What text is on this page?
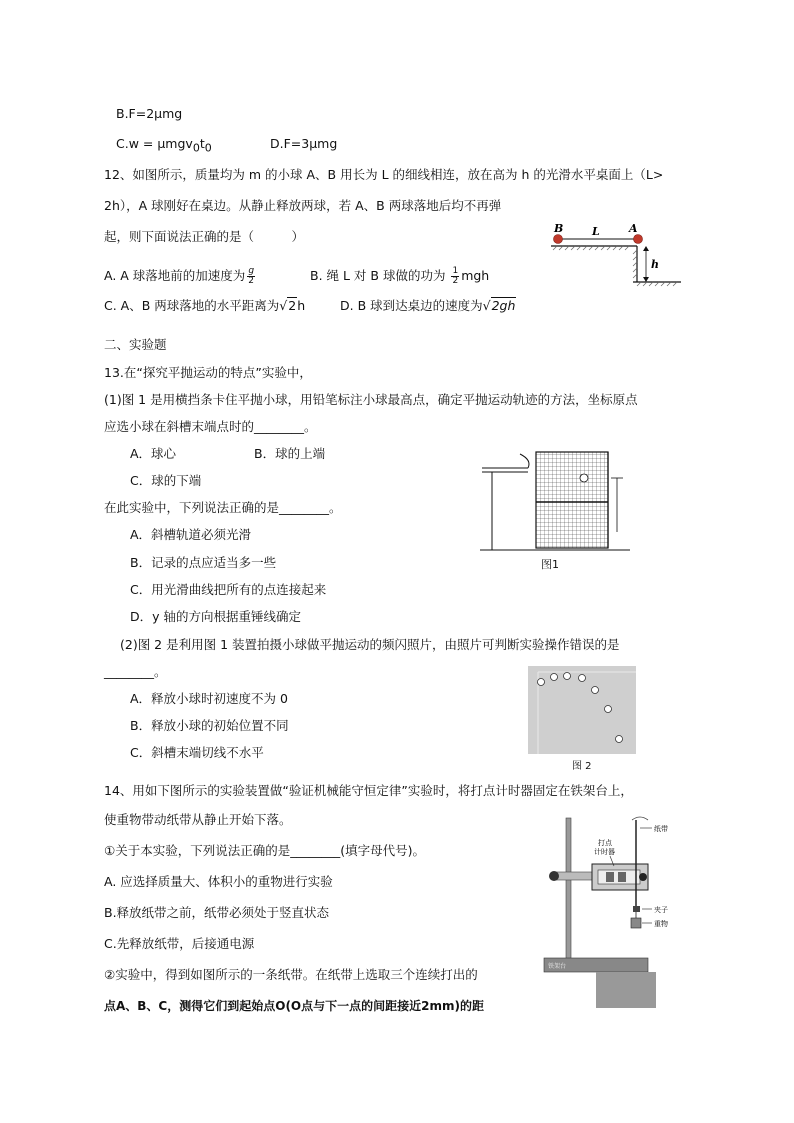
B.F=2μmg
$C.w = \mu mgv_0t_0$	D.F=3μmg
12、如图所示，质量均为 m 的小球 A、B 用长为 L 的细线相连，放在高为 h 的光滑水平桌面上（L>
2h），A 球刚好在桌边。从静止释放两球，若 A、B 两球落地后均不再弹
起，则下面说法正确的是（　　　）
B	L	A
h
A. A 球落地前的加速度为 $\frac{g}{2}$	B. 绳 L 对 B 球做的功为 $\frac{1}{2}$ mgh
C. A、B 两球落地的水平距离为√2h	D. B 球到达桌边的速度为√2gh
二、实验题
13.在“探究平抛运动的特点”实验中，
(1)图 1 是用横挡条卡住平抛小球，用铅笔标注小球最高点，确定平抛运动轨迹的方法，坐标原点
应选小球在斜槽末端点时的________。
A．球心	B．球的上端
C．球的下端
在此实验中，下列说法正确的是________。
A．斜槽轨道必须光滑
B．记录的点应适当多一些
C．用光滑曲线把所有的点连接起来
D．y 轴的方向根据重锤线确定
图1
(2)图 2 是利用图 1 装置拍摄小球做平抛运动的频闪照片，由照片可判断实验操作错误的是
________。
A．释放小球时初速度不为 0
B．释放小球的初始位置不同
C．斜槽末端切线不水平
图 2
14、用如下图所示的实验装置做“验证机械能守恒定律”实验时，将打点计时器固定在铁架台上，
使重物带动纸带从静止开始下落。
①关于本实验，下列说法正确的是________(填字母代号)。
A. 应选择质量大、体积小的重物进行实验
B.释放纸带之前，纸带必须处于竖直状态
C.先释放纸带，后接通电源
②实验中，得到如图所示的一条纸带。在纸带上选取三个连续打出的
点A、B、C，测得它们到起始点O(O点与下一点的间距接近2mm)的距
打点
计时器
纸带
夹子
重物
铁架台
